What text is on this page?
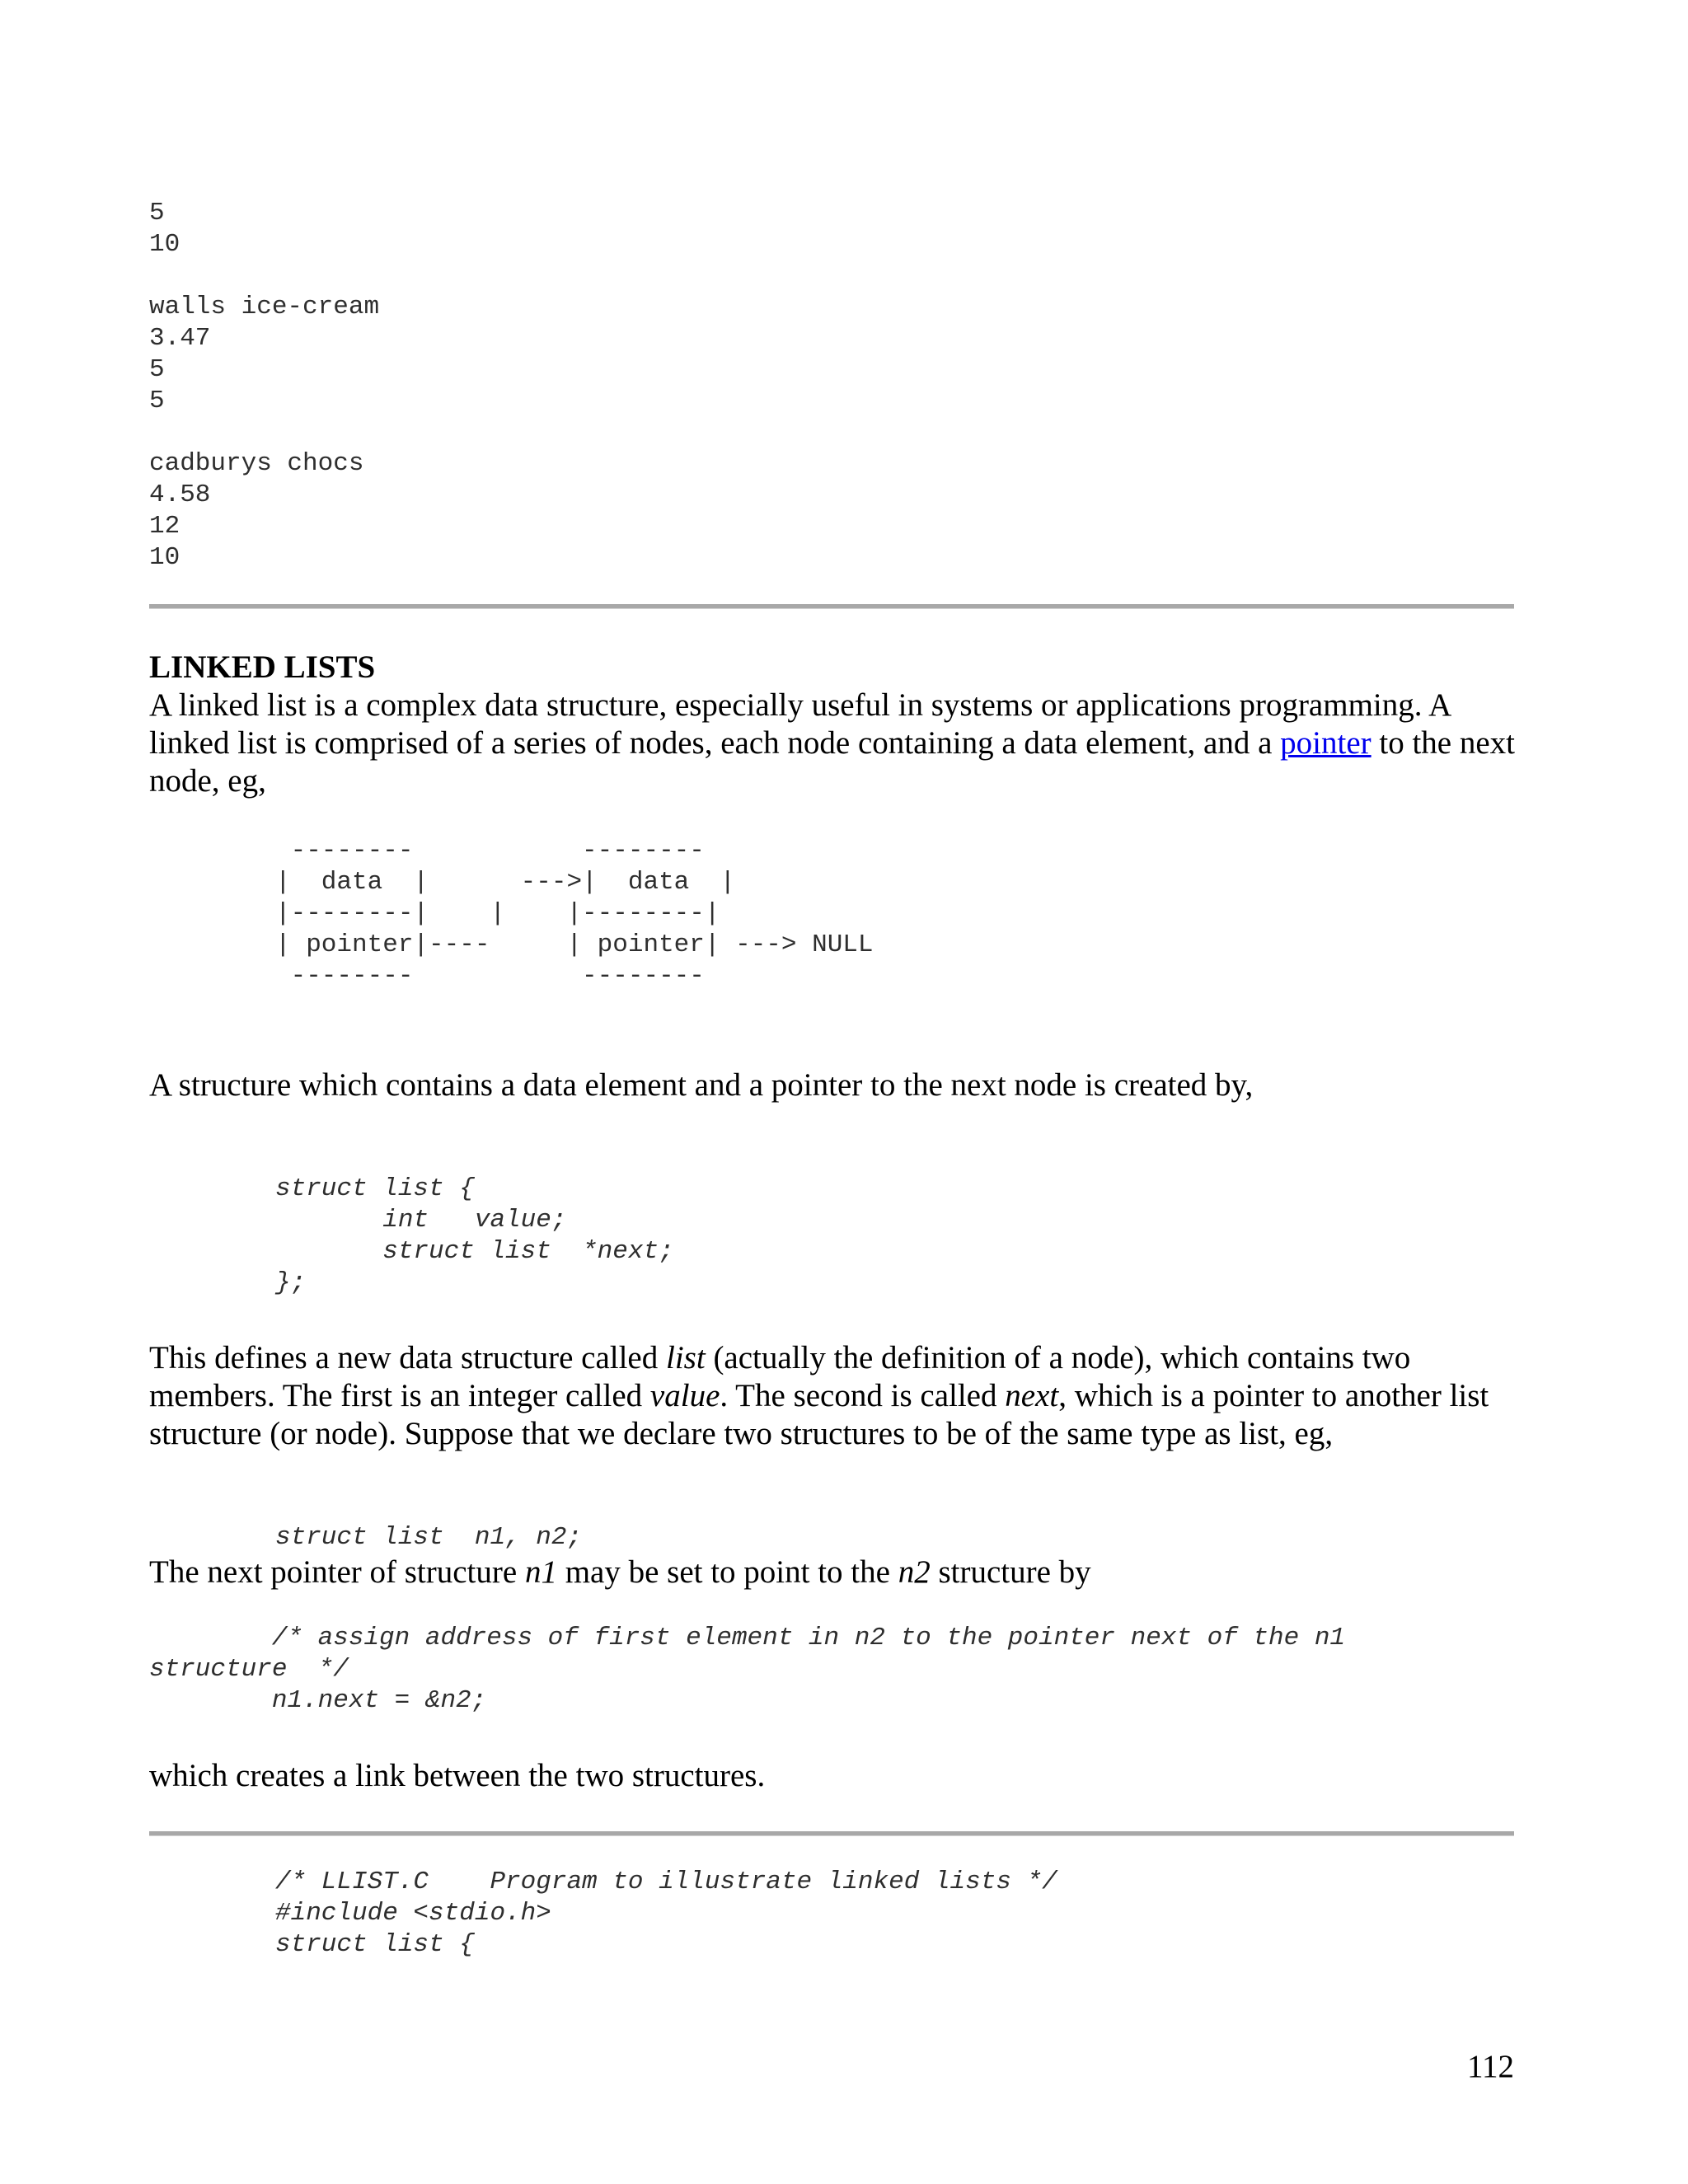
5
10

walls ice-cream
3.47
5
5

cadburys chocs
4.58
12
10
LINKED LISTS

A linked list is a complex data structure, especially useful in systems or applications programming. A linked list is comprised of a series of nodes, each node containing a data element, and a pointer to the next node, eg,

--------           --------
|  data  |      --->|  data  |
|--------|    |    |--------|
| pointer|----     | pointer| ---> NULL
--------           --------

A structure which contains a data element and a pointer to the next node is created by,

struct list {
int   value;
struct list  *next;
};

This defines a new data structure called list (actually the definition of a node), which contains two members. The first is an integer called value. The second is called next, which is a pointer to another list structure (or node). Suppose that we declare two structures to be of the same type as list, eg,

struct list  n1, n2;

The next pointer of structure n1 may be set to point to the n2 structure by

/* assign address of first element in n2 to the pointer next of the n1
structure  */
n1.next = &n2;

which creates a link between the two structures.

/* LLIST.C    Program to illustrate linked lists */
#include <stdio.h>
struct list {
112
